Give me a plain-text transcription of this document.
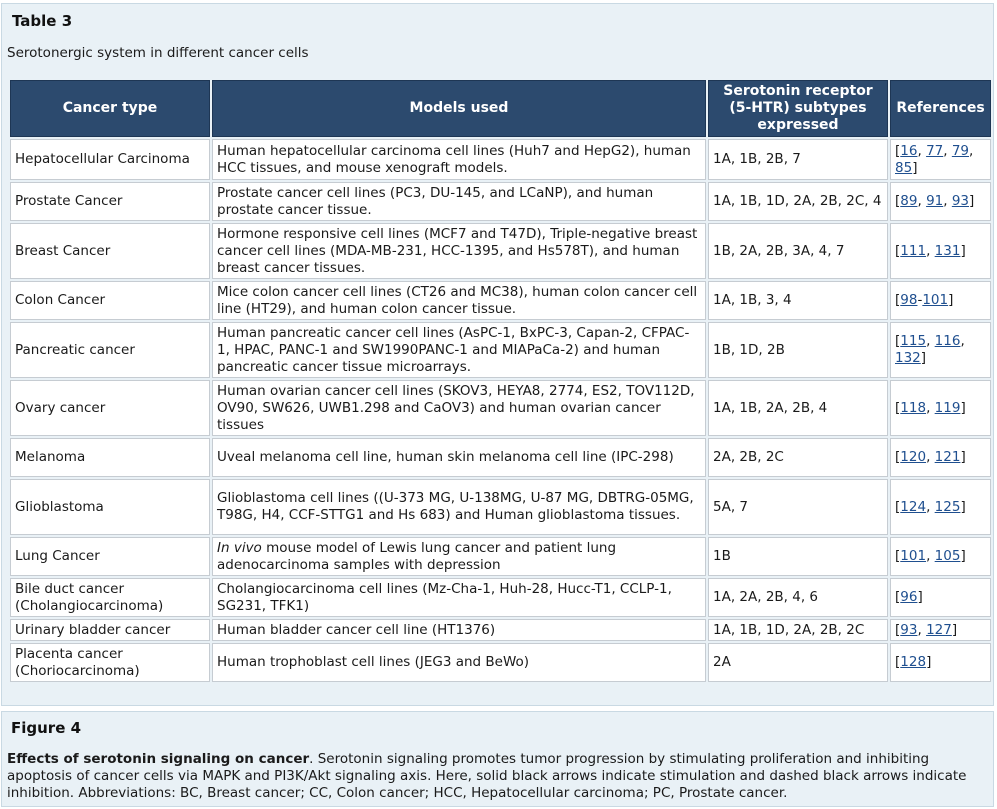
Table 3
Serotonergic system in different cancer cells
Cancer type	Models used	Serotonin receptor (5-HTR) subtypes expressed	References
Hepatocellular Carcinoma	Human hepatocellular carcinoma cell lines (Huh7 and HepG2), human HCC tissues, and mouse xenograft models.	1A, 1B, 2B, 7	[16, 77, 79, 85]
Prostate Cancer	Prostate cancer cell lines (PC3, DU-145, and LCaNP), and human prostate cancer tissue.	1A, 1B, 1D, 2A, 2B, 2C, 4	[89, 91, 93]
Breast Cancer	Hormone responsive cell lines (MCF7 and T47D), Triple-negative breast cancer cell lines (MDA-MB-231, HCC-1395, and Hs578T), and human breast cancer tissues.	1B, 2A, 2B, 3A, 4, 7	[111, 131]
Colon Cancer	Mice colon cancer cell lines (CT26 and MC38), human colon cancer cell line (HT29), and human colon cancer tissue.	1A, 1B, 3, 4	[98-101]
Pancreatic cancer	Human pancreatic cancer cell lines (AsPC-1, BxPC-3, Capan-2, CFPAC-1, HPAC, PANC-1 and SW1990PANC-1 and MIAPaCa-2) and human pancreatic cancer tissue microarrays.	1B, 1D, 2B	[115, 116, 132]
Ovary cancer	Human ovarian cancer cell lines (SKOV3, HEYA8, 2774, ES2, TOV112D, OV90, SW626, UWB1.298 and CaOV3) and human ovarian cancer tissues	1A, 1B, 2A, 2B, 4	[118, 119]
Melanoma	Uveal melanoma cell line, human skin melanoma cell line (IPC-298)	2A, 2B, 2C	[120, 121]
Glioblastoma	Glioblastoma cell lines ((U-373 MG, U-138MG, U-87 MG, DBTRG-05MG, T98G, H4, CCF-STTG1 and Hs 683) and Human glioblastoma tissues.	5A, 7	[124, 125]
Lung Cancer	In vivo mouse model of Lewis lung cancer and patient lung adenocarcinoma samples with depression	1B	[101, 105]
Bile duct cancer (Cholangiocarcinoma)	Cholangiocarcinoma cell lines (Mz-Cha-1, Huh-28, Hucc-T1, CCLP-1, SG231, TFK1)	1A, 2A, 2B, 4, 6	[96]
Urinary bladder cancer	Human bladder cancer cell line (HT1376)	1A, 1B, 1D, 2A, 2B, 2C	[93, 127]
Placenta cancer (Choriocarcinoma)	Human trophoblast cell lines (JEG3 and BeWo)	2A	[128]
Figure 4
Effects of serotonin signaling on cancer. Serotonin signaling promotes tumor progression by stimulating proliferation and inhibiting apoptosis of cancer cells via MAPK and PI3K/Akt signaling axis. Here, solid black arrows indicate stimulation and dashed black arrows indicate inhibition. Abbreviations: BC, Breast cancer; CC, Colon cancer; HCC, Hepatocellular carcinoma; PC, Prostate cancer.
